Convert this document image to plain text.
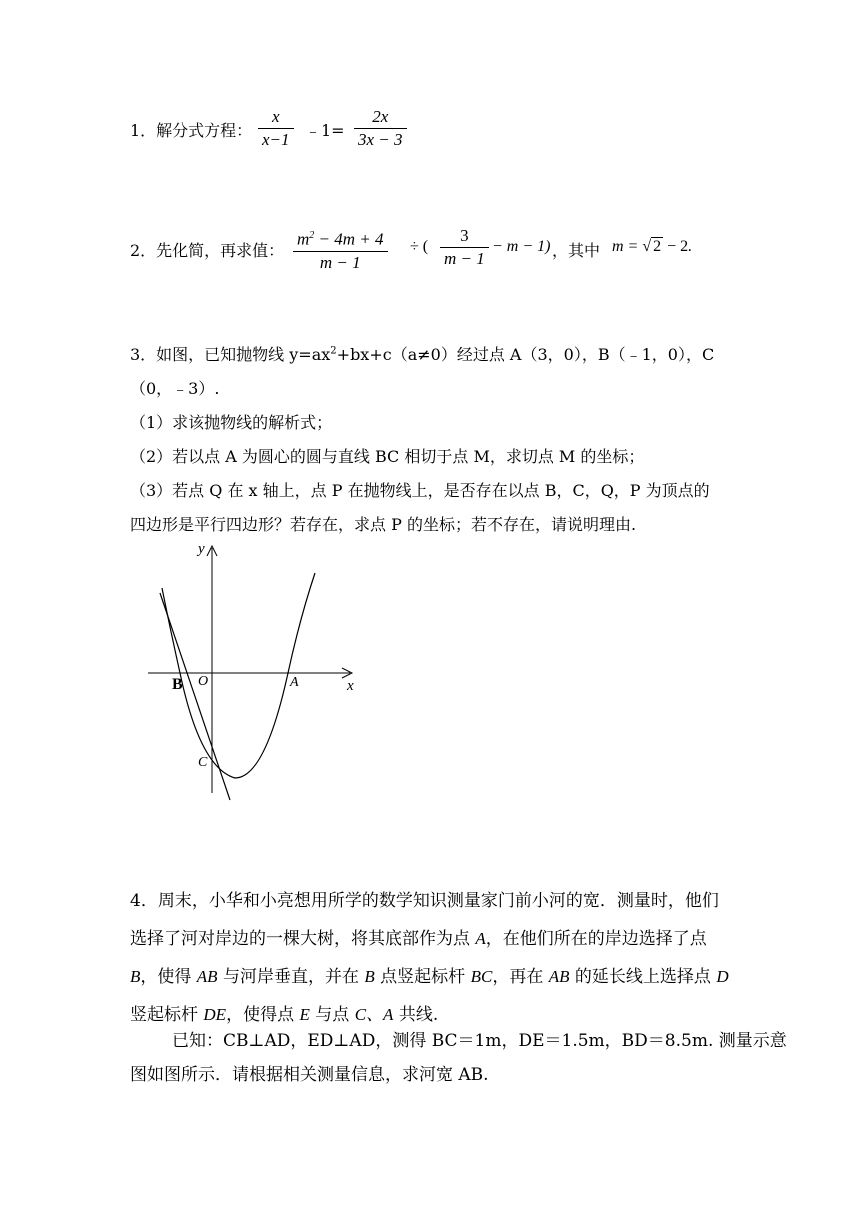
1．解分式方程：
x
x−1 ﹣1=
2x
3x − 3
2．先化简，再求值：
$m^2 - 4m + 4$
m − 1
÷ (
3
m − 1
− m − 1) ，其中 m = √ 2 − 2.
3．如图，已知抛物线 $y=ax^2+bx+c(a\ne 0)$经过点 A（3，0），B（﹣1，0），C
（0，﹣3）.
（1）求该抛物线的解析式；
（2）若以点 A 为圆心的圆与直线 BC 相切于点 M，求切点 M 的坐标；
（3）若点 Q 在 x 轴上，点 P 在抛物线上，是否存在以点 B，C，Q，P 为顶点的
四边形是平行四边形？若存在，求点 P 的坐标；若不存在，请说明理由.
y
x
O	A
B
C
4．周末，小华和小亮想用所学的数学知识测量家门前小河的宽．测量时，他们
选择了河对岸边的一棵大树，将其底部作为点 A，在他们所在的岸边选择了点
B，使得 AB 与河岸垂直，并在 B 点竖起标杆 BC，再在 AB 的延长线上选择点 D
竖起标杆 DE，使得点 E 与点 C、A 共线.
已知：CB⊥AD，ED⊥AD，测得 BC＝1m，DE＝1.5m，BD＝8.5m. 测量示意
图如图所示．请根据相关测量信息，求河宽 AB.
